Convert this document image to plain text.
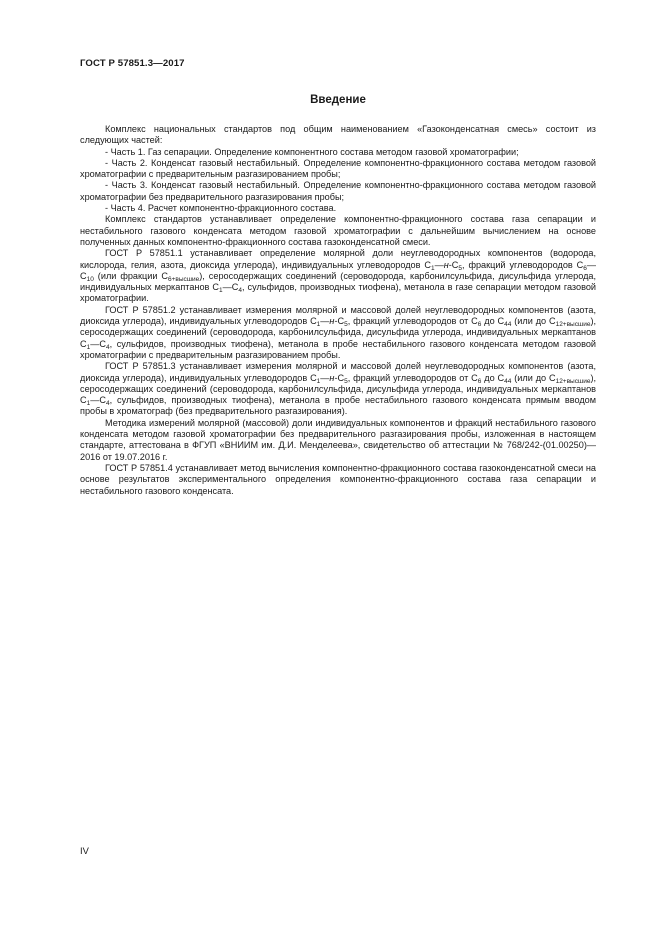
ГОСТ Р 57851.3—2017
Введение

Комплекс национальных стандартов под общим наименованием «Газоконденсатная смесь» состоит из следующих частей:

- Часть 1. Газ сепарации. Определение компонентного состава методом газовой хроматографии;

- Часть 2. Конденсат газовый нестабильный. Определение компонентно-фракционного состава методом газовой хроматографии с предварительным разгазированием пробы;

- Часть 3. Конденсат газовый нестабильный. Определение компонентно-фракционного состава методом газовой хроматографии без предварительного разгазирования пробы;

- Часть 4. Расчет компонентно-фракционного состава.

Комплекс стандартов устанавливает определение компонентно-фракционного состава газа сепарации и нестабильного газового конденсата методом газовой хроматографии с дальнейшим вычислением на основе полученных данных компонентно-фракционного состава газоконденсатной смеси.

ГОСТ Р 57851.1 устанавливает определение молярной доли неуглеводородных компонентов (водорода, кислорода, гелия, азота, диоксида углерода), индивидуальных углеводородов $С_1—н-С_5$, фракций углеводородов $С_6—С_{10}$ (или фракции $С_{6+высшие}$), серосодержащих соединений (сероводорода, карбонилсульфида, дисульфида углерода, индивидуальных меркаптанов $С_1—С_4$, сульфидов, производных тиофена), метанола в газе сепарации методом газовой хроматографии.

ГОСТ Р 57851.2 устанавливает измерения молярной и массовой долей неуглеводородных компонентов (азота, диоксида углерода), индивидуальных углеводородов $С_1—н-С_5$, фракций углеводородов от $С_6$ до $С_{44}$ (или до $С_{12+высшие}$), серосодержащих соединений (сероводорода, карбонилсульфида, дисульфида углерода, индивидуальных меркаптанов $С_1—С_4$, сульфидов, производных тиофена), метанола в пробе нестабильного газового конденсата методом газовой хроматографии с предварительным разгазированием пробы.

ГОСТ Р 57851.3 устанавливает измерения молярной и массовой долей неуглеводородных компонентов (азота, диоксида углерода), индивидуальных углеводородов $С_1—н-С_5$, фракций углеводородов от $С_6$ до $С_{44}$ (или до $С_{12+высшие}$), серосодержащих соединений (сероводорода, карбонилсульфида, дисульфида углерода, индивидуальных меркаптанов $С_1—С_4$, сульфидов, производных тиофена), метанола в пробе нестабильного газового конденсата прямым вводом пробы в хроматограф (без предварительного разгазирования).

Методика измерений молярной (массовой) доли индивидуальных компонентов и фракций нестабильного газового конденсата методом газовой хроматографии без предварительного разгазирования пробы, изложенная в настоящем стандарте, аттестована в ФГУП «ВНИИМ им. Д.И. Менделеева», свидетельство об аттестации № 768/242-(01.00250)—2016 от 19.07.2016 г.

ГОСТ Р 57851.4 устанавливает метод вычисления компонентно-фракционного состава газоконденсатной смеси на основе результатов экспериментального определения компонентно-фракционного состава газа сепарации и нестабильного газового конденсата.

IV
